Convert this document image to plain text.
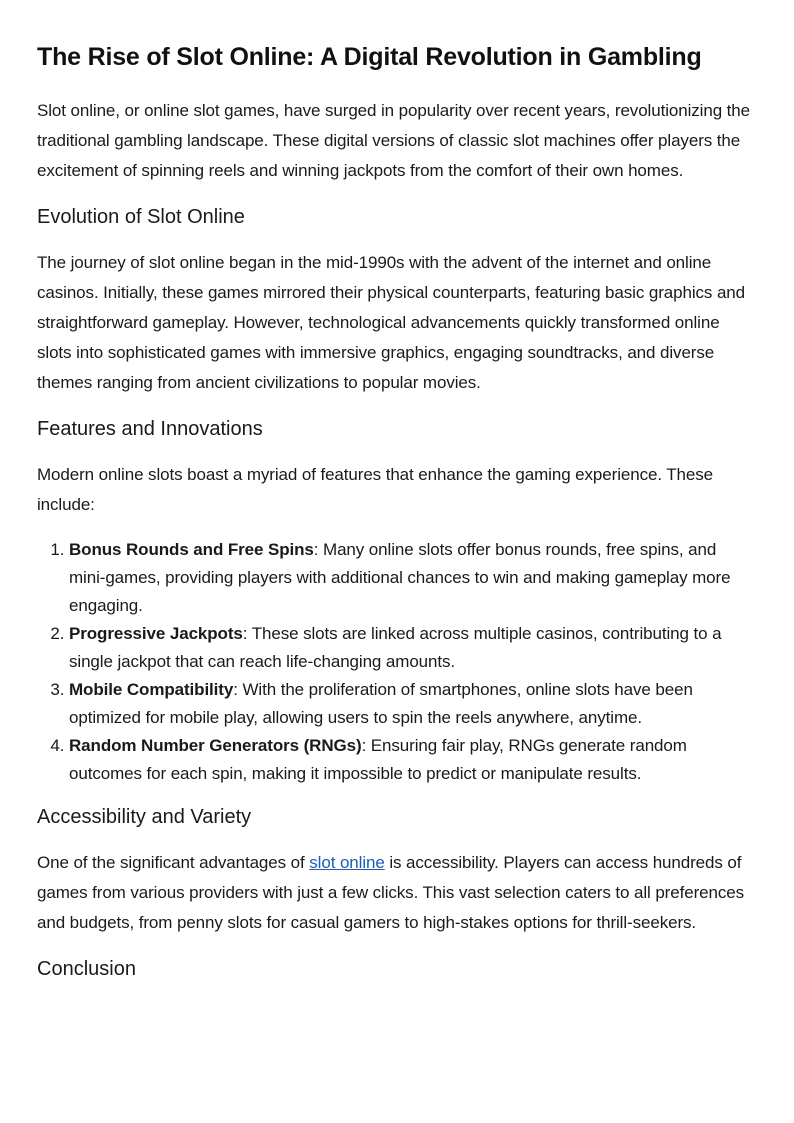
The Rise of Slot Online: A Digital Revolution in Gambling

Slot online, or online slot games, have surged in popularity over recent years, revolutionizing the traditional gambling landscape. These digital versions of classic slot machines offer players the excitement of spinning reels and winning jackpots from the comfort of their own homes.

Evolution of Slot Online

The journey of slot online began in the mid-1990s with the advent of the internet and online casinos. Initially, these games mirrored their physical counterparts, featuring basic graphics and straightforward gameplay. However, technological advancements quickly transformed online slots into sophisticated games with immersive graphics, engaging soundtracks, and diverse themes ranging from ancient civilizations to popular movies.

Features and Innovations

Modern online slots boast a myriad of features that enhance the gaming experience. These include:

1. Bonus Rounds and Free Spins: Many online slots offer bonus rounds, free spins, and mini-games, providing players with additional chances to win and making gameplay more engaging.
2. Progressive Jackpots: These slots are linked across multiple casinos, contributing to a single jackpot that can reach life-changing amounts.
3. Mobile Compatibility: With the proliferation of smartphones, online slots have been optimized for mobile play, allowing users to spin the reels anywhere, anytime.
4. Random Number Generators (RNGs): Ensuring fair play, RNGs generate random outcomes for each spin, making it impossible to predict or manipulate results.
Accessibility and Variety

One of the significant advantages of slot online is accessibility. Players can access hundreds of games from various providers with just a few clicks. This vast selection caters to all preferences and budgets, from penny slots for casual gamers to high-stakes options for thrill-seekers.

Conclusion
